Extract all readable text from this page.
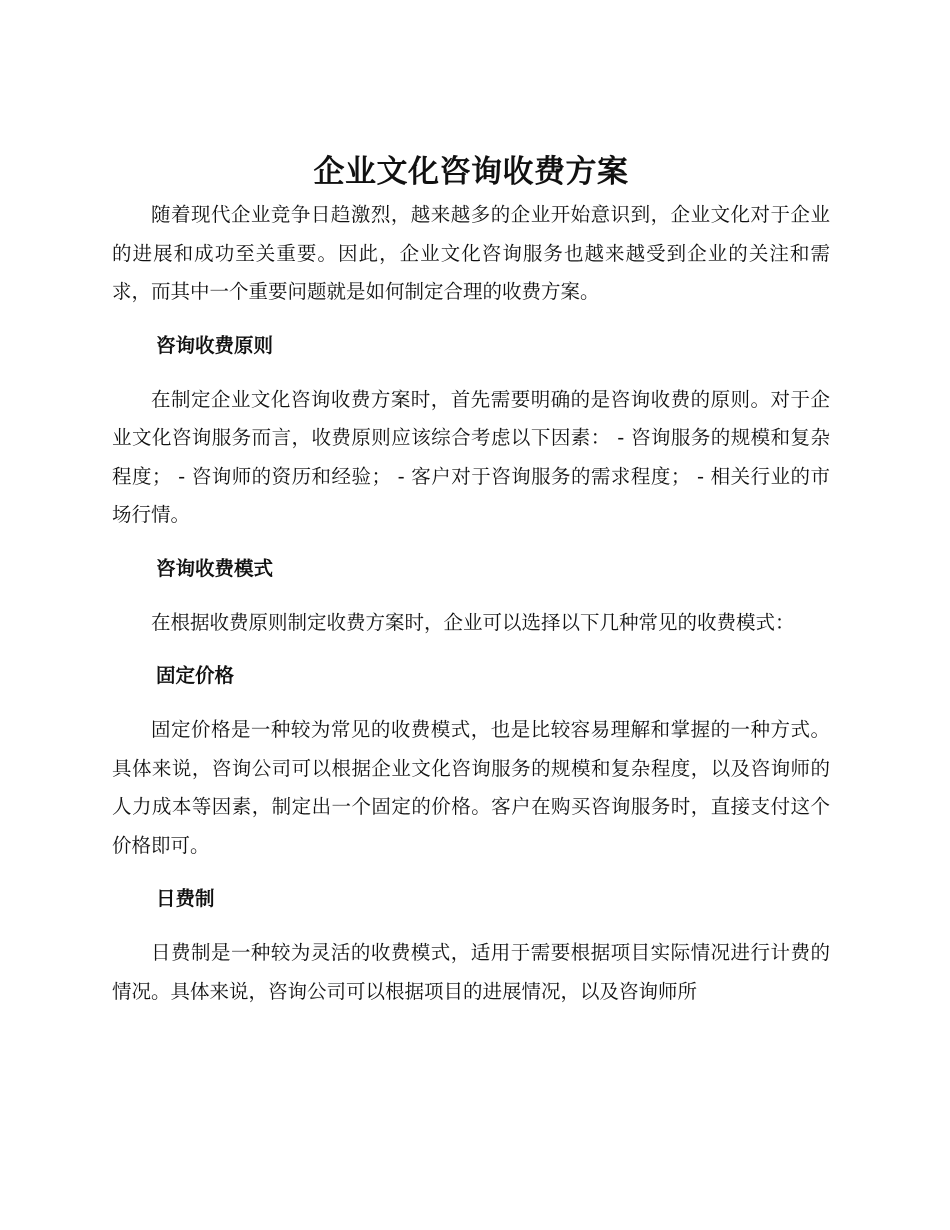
企业文化咨询收费方案

随着现代企业竞争日趋激烈，越来越多的企业开始意识到，企业文化对于企业的进展和成功至关重要。因此，企业文化咨询服务也越来越受到企业的关注和需求，而其中一个重要问题就是如何制定合理的收费方案。

咨询收费原则

在制定企业文化咨询收费方案时，首先需要明确的是咨询收费的原则。对于企业文化咨询服务而言，收费原则应该综合考虑以下因素： - 咨询服务的规模和复杂程度； - 咨询师的资历和经验； - 客户对于咨询服务的需求程度； - 相关行业的市场行情。

咨询收费模式

在根据收费原则制定收费方案时，企业可以选择以下几种常见的收费模式：

固定价格

固定价格是一种较为常见的收费模式，也是比较容易理解和掌握的一种方式。具体来说，咨询公司可以根据企业文化咨询服务的规模和复杂程度，以及咨询师的人力成本等因素，制定出一个固定的价格。客户在购买咨询服务时，直接支付这个价格即可。

日费制

日费制是一种较为灵活的收费模式，适用于需要根据项目实际情况进行计费的情况。具体来说，咨询公司可以根据项目的进展情况，以及咨询师所
